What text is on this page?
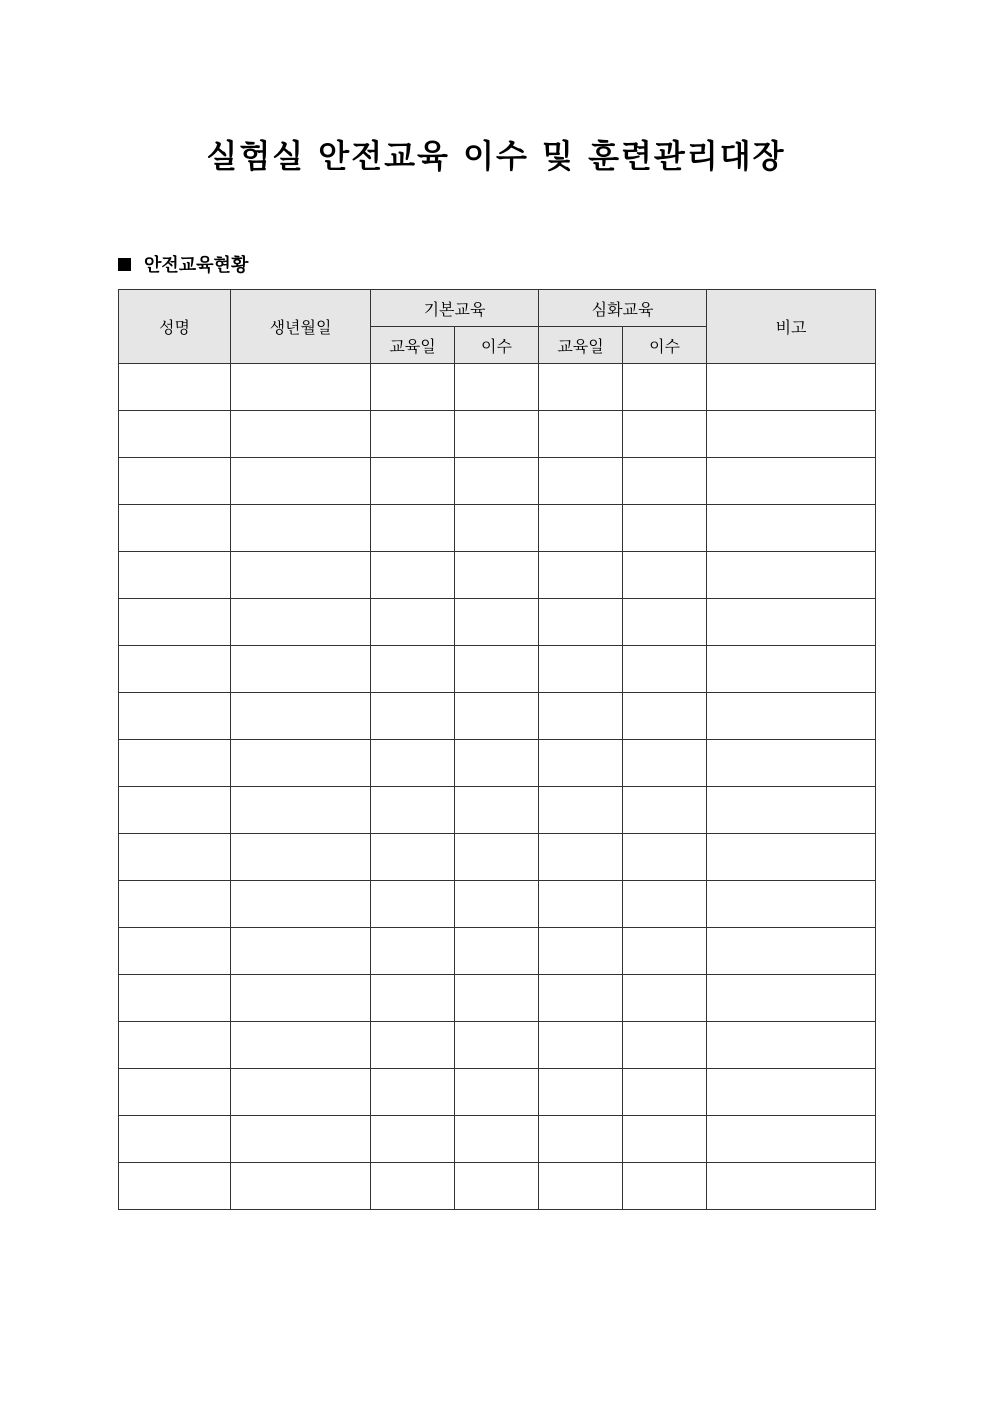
실험실 안전교육 이수 및 훈련관리대장
안전교육현황
성명	생년월일	기본교육		심화교육		비고
		교육일	이수	교육일	이수	
